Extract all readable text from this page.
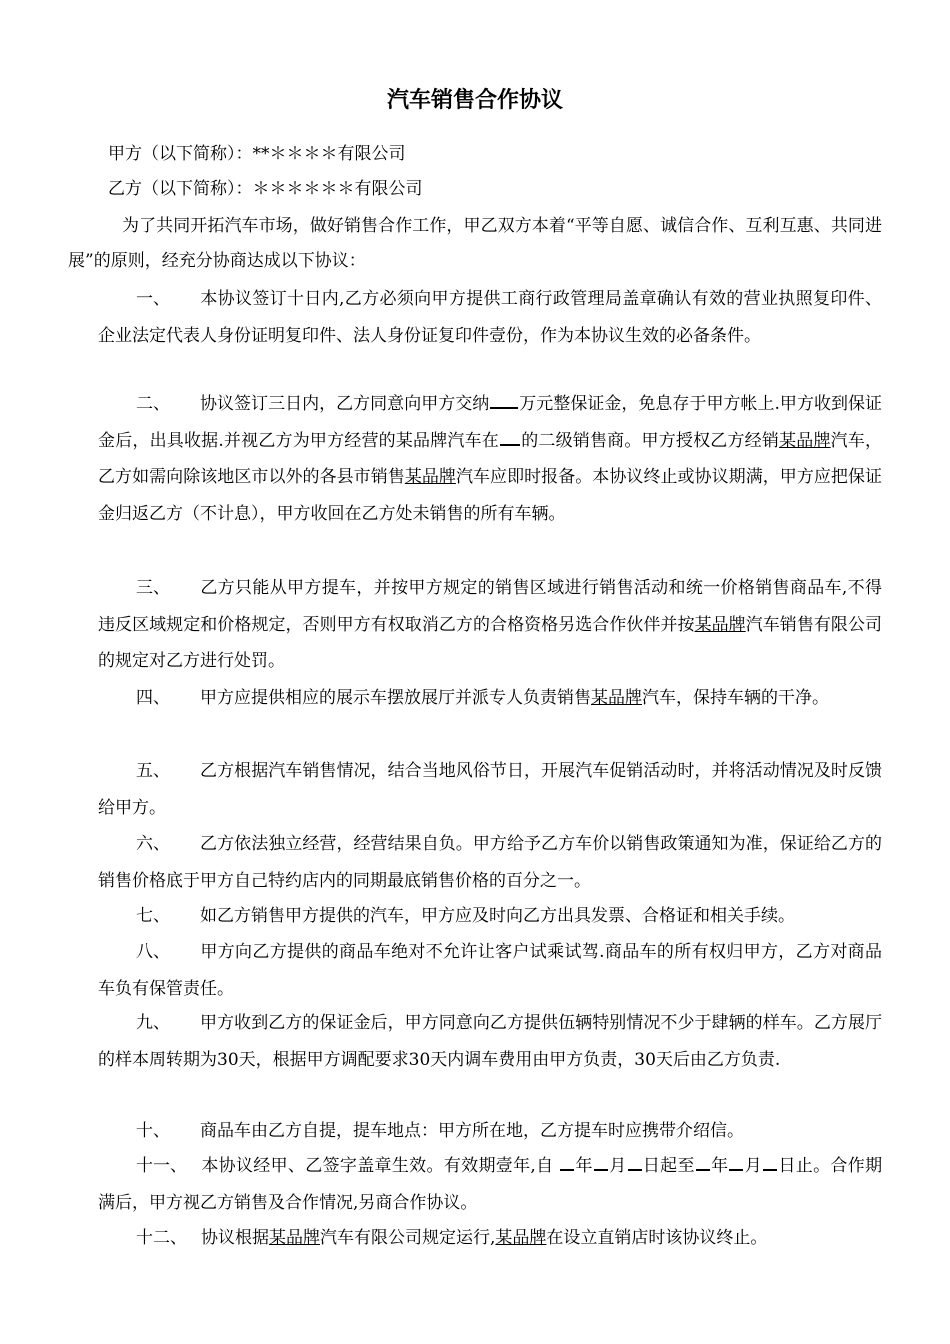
汽车销售合作协议
甲方（以下简称）：**＊＊＊＊有限公司
乙方（以下简称）：＊＊＊＊＊＊有限公司
为了共同开拓汽车市场，做好销售合作工作，甲乙双方本着“平等自愿、诚信合作、互利互惠、共同进展”的原则，经充分协商达成以下协议：
一、 本协议签订十日内,乙方必须向甲方提供工商行政管理局盖章确认有效的营业执照复印件、企业法定代表人身份证明复印件、法人身份证复印件壹份，作为本协议生效的必备条件。
二、 协议签订三日内，乙方同意向甲方交纳 万元整保证金，免息存于甲方帐上.甲方收到保证金后，出具收据.并视乙方为甲方经营的某品牌汽车在 的二级销售商。甲方授权乙方经销某品牌汽车，乙方如需向除该地区市以外的各县市销售某品牌汽车应即时报备。本协议终止或协议期满，甲方应把保证金归返乙方（不计息），甲方收回在乙方处未销售的所有车辆。
三、 乙方只能从甲方提车，并按甲方规定的销售区域进行销售活动和统一价格销售商品车,不得违反区域规定和价格规定，否则甲方有权取消乙方的合格资格另选合作伙伴并按某品牌汽车销售有限公司的规定对乙方进行处罚。
四、 甲方应提供相应的展示车摆放展厅并派专人负责销售某品牌汽车，保持车辆的干净。
五、 乙方根据汽车销售情况，结合当地风俗节日，开展汽车促销活动时，并将活动情况及时反馈给甲方。
六、 乙方依法独立经营，经营结果自负。甲方给予乙方车价以销售政策通知为准，保证给乙方的销售价格底于甲方自己特约店内的同期最底销售价格的百分之一。
七、 如乙方销售甲方提供的汽车，甲方应及时向乙方出具发票、合格证和相关手续。
八、 甲方向乙方提供的商品车绝对不允许让客户试乘试驾.商品车的所有权归甲方，乙方对商品车负有保管责任。
九、 甲方收到乙方的保证金后，甲方同意向乙方提供伍辆特别情况不少于肆辆的样车。乙方展厅的样本周转期为30天，根据甲方调配要求30天内调车费用由甲方负责，30天后由乙方负责.
十、 商品车由乙方自提，提车地点：甲方所在地，乙方提车时应携带介绍信。
十一、 本协议经甲、乙签字盖章生效。有效期壹年,自 年 月 日起至 年 月 日止。合作期满后，甲方视乙方销售及合作情况,另商合作协议。
十二、 协议根据某品牌汽车有限公司规定运行,某品牌在设立直销店时该协议终止。
